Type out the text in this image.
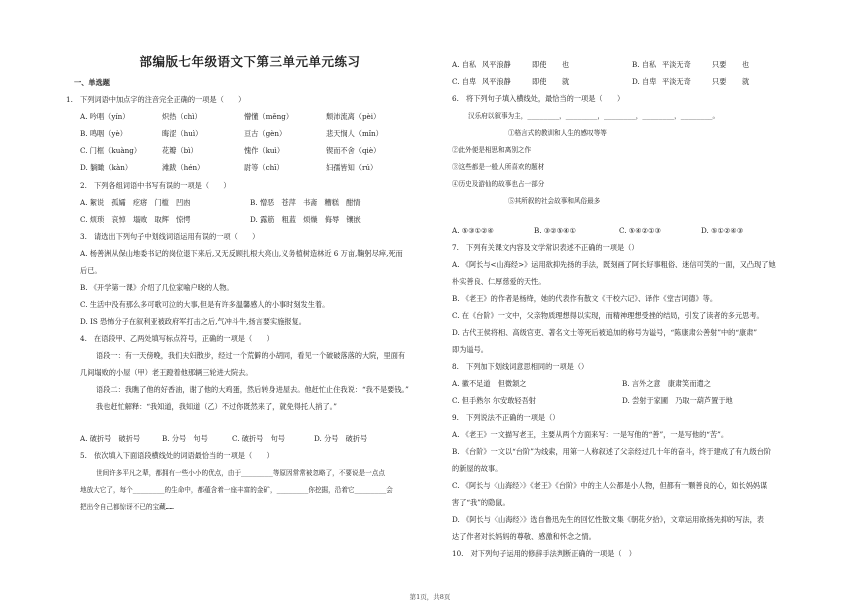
部编版七年级语文下第三单元单元练习
一、单选题
1.　下列词语中加点字的注音完全正确的一项是（　　）
A. 吟唱（yín）	炽热（chì）	懵懂（měng）	颓沛流离（pèi）
B. 鸣咽（yè）	晦涩（huì）	亘古（gèn）	悲天悯人（mǐn）
C. 门框（kuàng）	花瓣（bì）	愧作（kuì）	锲而不舍（qiè）
D. 躺瞰（kàn）	滩跋（hén）	尉等（chī）	妇孺皆知（rú）
2.　下列各组词语中书写有误的一项是（　　）
A. 絮说　孤孀　疙瘩　门槛　凹凼	B. 憎恶　苍萍　书斋　糟糕　酣情
C. 烦琐　哀悼　塌败　取辉　惊愕	D. 露筋　粗蓝　烦燥　侮辱　镶嵌
3.　请选出下列句子中划线词语运用有误的一项（　　）
A. 杨善洲从保山地委书记的岗位退下来后,又无反顾扎根大亮山,义务植树造林近 6 万亩,鞠躬尽瘁,死而
后已。
B. 《开学第一课》介绍了几位家喻户晓的人物。
C. 生活中没有那么多可歌可泣的大事,但是有许多温馨感人的小事时刻发生着。
D. IS 恐怖分子在叙利亚被政府军打击之后,气冲斗牛,扬言要实施报复。
4.　在语段甲、乙两处填写标点符号，正确的一项是（　　）
语段一：有一天傍晚，我们夫妇散步，经过一个荒僻的小胡同，看见一个破破落落的大院，里面有
几间塌败的小屋（甲）老王蹬着他那辆三轮进大院去。
语段二：我瞧了他的好香油，谢了他的大鸡蛋，然后转身进屋去。他赶忙止住我说：“我不是要钱。”
我也赶忙解释：“我知道，我知道（乙）不过你既然来了，就免得托人捎了。”
A. 破折号　破折号	B. 分号　句号	C. 破折号　句号	D. 分号　破折号
5.　依次填入下面语段横线处的词语最恰当的一项是（　　）
世间许多平凡之辈，都拥有一些小小的优点，由于________等原因常常被忽略了，不要说是一点点
地放大它了，每个________的生命中，都蕴含着一座丰富的金矿，________你挖掘，沿着它________会
把出令自己都惊讶不已的宝藏……
A. 自私 风平浪静	即使 也	B. 自私 平淡无奇	只要 也
C. 自卑 风平浪静	即使 就	D. 自卑 平淡无奇	只要 就
6.　将下列句子填入横线处，最恰当的一项是（　　）
汉乐府以叙事为主，________，________，________，________，________。
①格言式的教训和人生的感叹等等
②此外便是相思和离别之作
③这些都是一般人所喜欢的题材
④历史及游仙的故事也占一部分
⑤其所叙的社会故事和风俗最多
A. ⑤③①②④	B. ③②⑤④①	C. ⑤④②①③	D. ⑤①②④③
7.　下列有关课文内容及文学常识表述不正确的一项是（）
A. 《阿长与<山海经>》运用欲抑先扬的手法，既刻画了阿长好事粗俗、迷信可笑的一面，又凸现了她
朴实善良、仁厚慈爱的天性。
B. 《老王》的作者是杨绛，她的代表作有散文《干校六记》、译作《堂吉诃德》等。
C. 在《台阶》一文中，父亲物质理想得以实现，而精神理想受挫的结局，引发了读者的多元思考。
D. 古代王侯将相、高级官吏、著名文士等死后被追加的称号为谥号，“陈康肃公善射”中的“康肃”
即为谥号。
8.　下列加下划线词意思相同的一项是（）
A. 徽不足道　但微颔之	B. 言外之意　康肃笑而遣之
C. 但手熟尔 尔安敢轻吾射	D. 尝射于家圃　乃取一葫芦置于地
9.　下列说法不正确的一项是（）
A. 《老王》一文描写老王，主要从两个方面来写：一是写他的“善”，一是写他的“苦”。
B. 《台阶》一文以“台阶”为线索，用第一人称叙述了父亲经过几十年的奋斗，终于建成了有九级台阶
的新屋的故事。
C. 《阿长与〈山海经〉》《老王》《台阶》中的主人公都是小人物，但都有一颗善良的心，如长妈妈谋
害了“我”的隐鼠。
D. 《阿长与〈山海经〉》选自鲁迅先生的回忆性散文集《朝花夕拾》，文章运用欲扬先抑的写法，表
达了作者对长妈妈的尊敬、感激和怀念之情。
10.　对下列句子运用的修辞手法判断正确的一项是（　）
第1页，共8页
